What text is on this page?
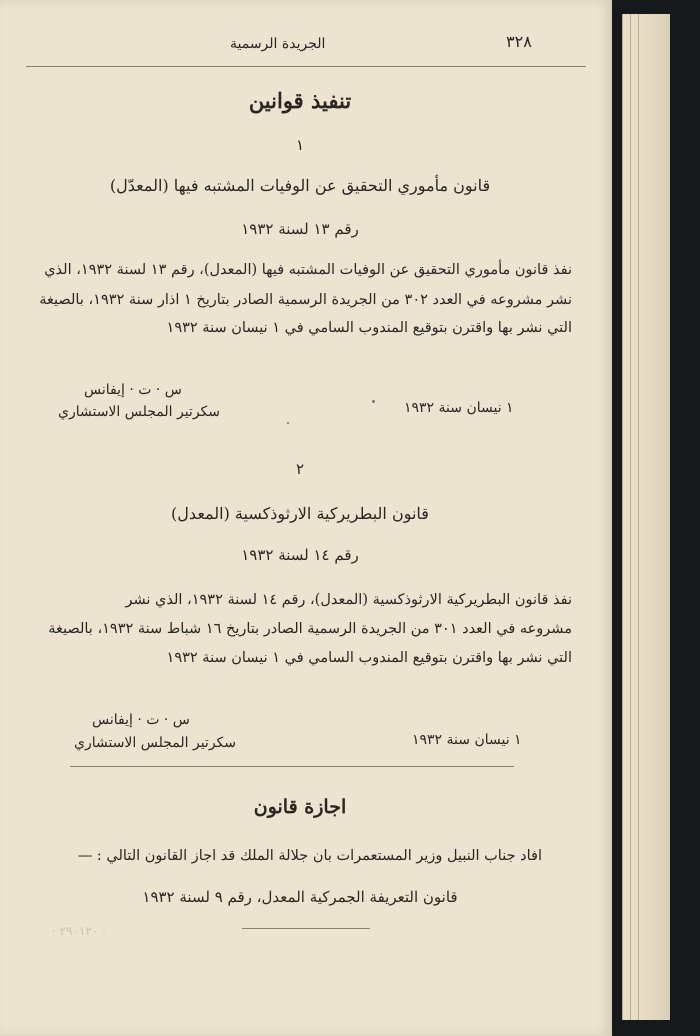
الجريدة الرسمية	٣٢٨
تنفيذ قوانين
١
قانون مأموري التحقيق عن الوفيات المشتبه فيها (المعدّل)
رقم ١٣ لسنة ١٩٣٢
نفذ قانون مأموري التحقيق عن الوفيات المشتبه فيها (المعدل)، رقم ١٣ لسنة ١٩٣٢، الذي
نشر مشروعه في العدد ٣٠٢ من الجريدة الرسمية الصادر بتاريخ ١ اذار سنة ١٩٣٢، بالصيغة
التي نشر بها واقترن بتوقيع المندوب السامي في ١ نيسان سنة ١٩٣٢
س · ت · إيفانس
سكرتير المجلس الاستشاري	١ نيسان سنة ١٩٣٢
٢
قانون البطريركية الارثوذكسية (المعدل)
رقم ١٤ لسنة ١٩٣٢
نفذ قانون البطريركية الارثوذكسية (المعدل)، رقم ١٤ لسنة ١٩٣٢، الذي نشر
مشروعه في العدد ٣٠١ من الجريدة الرسمية الصادر بتاريخ ١٦ شباط سنة ١٩٣٢، بالصيغة
التي نشر بها واقترن بتوقيع المندوب السامي في ١ نيسان سنة ١٩٣٢
س · ت · إيفانس
سكرتير المجلس الاستشاري	١ نيسان سنة ١٩٣٢
اجازة قانون
افاد جناب النبيل وزير المستعمرات بان جلالة الملك قد اجاز القانون التالي : —
قانون التعريفة الجمركية المعدل، رقم ٩ لسنة ١٩٣٢
· ٢٩٠١٢٠ ·
